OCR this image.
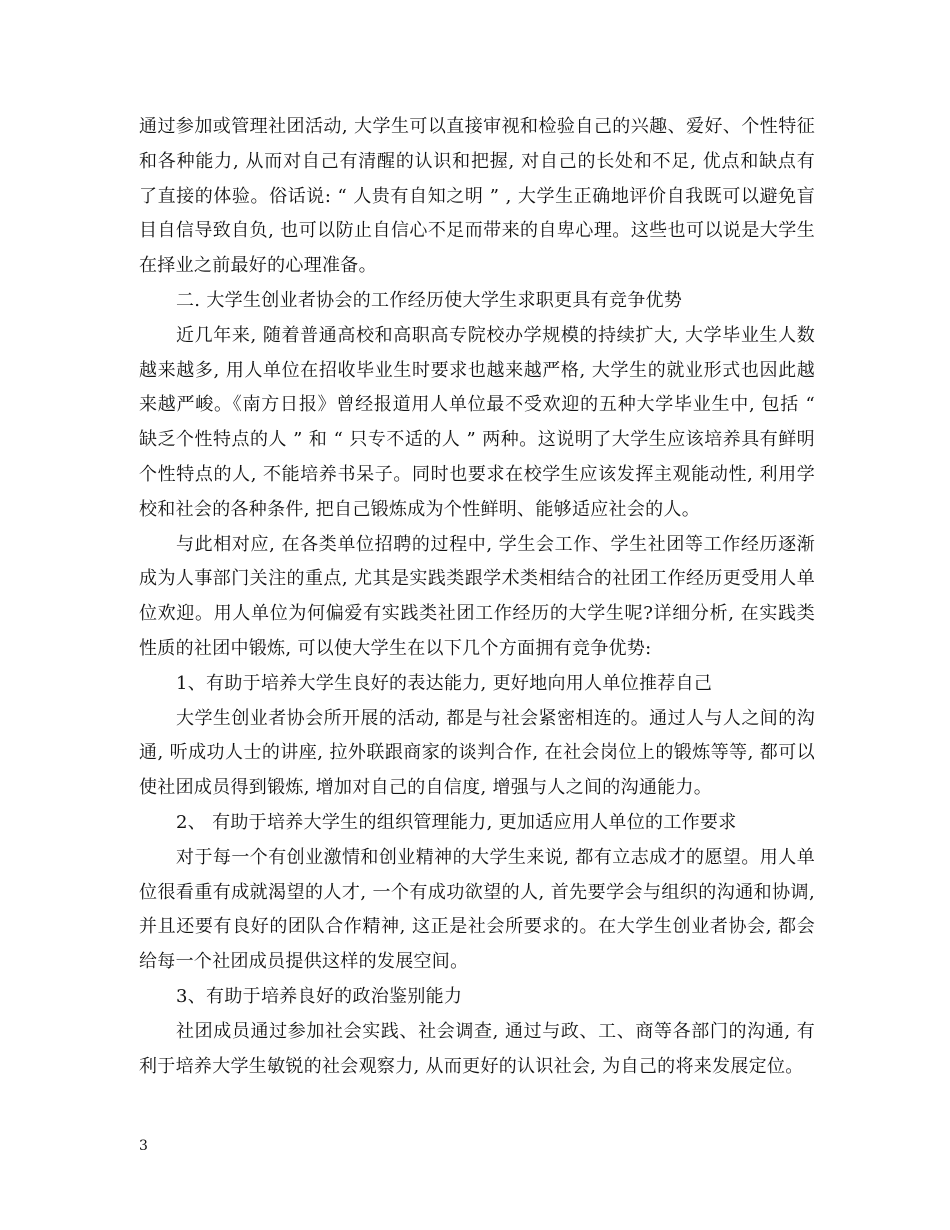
通过参加或管理社团活动, 大学生可以直接审视和检验自己的兴趣、爱好、个性特征和各种能力, 从而对自己有清醒的认识和把握, 对自己的长处和不足, 优点和缺点有了直接的体验。俗话说: “ 人贵有自知之明 ” , 大学生正确地评价自我既可以避免盲目自信导致自负, 也可以防止自信心不足而带来的自卑心理。这些也可以说是大学生在择业之前最好的心理准备。

二. 大学生创业者协会的工作经历使大学生求职更具有竞争优势

近几年来, 随着普通高校和高职高专院校办学规模的持续扩大, 大学毕业生人数越来越多, 用人单位在招收毕业生时要求也越来越严格, 大学生的就业形式也因此越来越严峻。《南方日报》曾经报道用人单位最不受欢迎的五种大学毕业生中, 包括 “ 缺乏个性特点的人 ” 和 “ 只专不适的人 ” 两种。这说明了大学生应该培养具有鲜明个性特点的人, 不能培养书呆子。同时也要求在校学生应该发挥主观能动性, 利用学校和社会的各种条件, 把自己锻炼成为个性鲜明、能够适应社会的人。

与此相对应, 在各类单位招聘的过程中, 学生会工作、学生社团等工作经历逐渐成为人事部门关注的重点, 尤其是实践类跟学术类相结合的社团工作经历更受用人单位欢迎。用人单位为何偏爱有实践类社团工作经历的大学生呢?详细分析, 在实践类性质的社团中锻炼, 可以使大学生在以下几个方面拥有竞争优势:

1、有助于培养大学生良好的表达能力, 更好地向用人单位推荐自己

大学生创业者协会所开展的活动, 都是与社会紧密相连的。通过人与人之间的沟通, 听成功人士的讲座, 拉外联跟商家的谈判合作, 在社会岗位上的锻炼等等, 都可以使社团成员得到锻炼, 增加对自己的自信度, 增强与人之间的沟通能力。

2、 有助于培养大学生的组织管理能力, 更加适应用人单位的工作要求

对于每一个有创业激情和创业精神的大学生来说, 都有立志成才的愿望。用人单位很看重有成就渴望的人才, 一个有成功欲望的人, 首先要学会与组织的沟通和协调, 并且还要有良好的团队合作精神, 这正是社会所要求的。在大学生创业者协会, 都会给每一个社团成员提供这样的发展空间。

3、有助于培养良好的政治鉴别能力

社团成员通过参加社会实践、社会调查, 通过与政、工、商等各部门的沟通, 有利于培养大学生敏锐的社会观察力, 从而更好的认识社会, 为自己的将来发展定位。

3
